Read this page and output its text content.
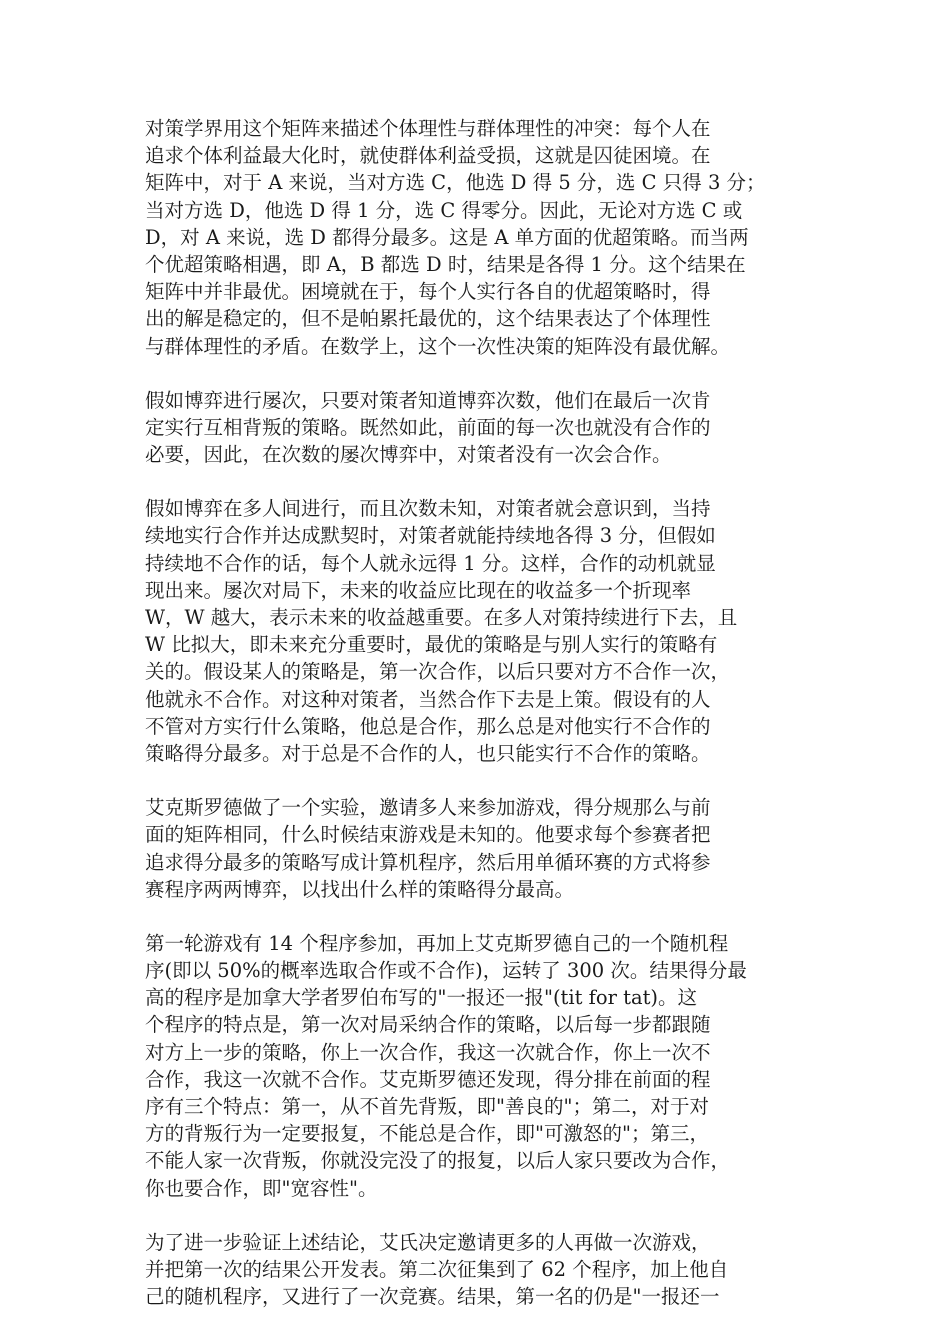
对策学界用这个矩阵来描述个体理性与群体理性的冲突：每个人在
追求个体利益最大化时，就使群体利益受损，这就是囚徒困境。在
矩阵中，对于 A 来说，当对方选 C，他选 D 得 5 分，选 C 只得 3 分；
当对方选 D，他选 D 得 1 分，选 C 得零分。因此，无论对方选 C 或
D，对 A 来说，选 D 都得分最多。这是 A 单方面的优超策略。而当两
个优超策略相遇，即 A，B 都选 D 时，结果是各得 1 分。这个结果在
矩阵中并非最优。困境就在于，每个人实行各自的优超策略时，得
出的解是稳定的，但不是帕累托最优的，这个结果表达了个体理性
与群体理性的矛盾。在数学上，这个一次性决策的矩阵没有最优解。

假如博弈进行屡次，只要对策者知道博弈次数，他们在最后一次肯
定实行互相背叛的策略。既然如此，前面的每一次也就没有合作的
必要，因此，在次数的屡次博弈中，对策者没有一次会合作。

假如博弈在多人间进行，而且次数未知，对策者就会意识到，当持
续地实行合作并达成默契时，对策者就能持续地各得 3 分，但假如
持续地不合作的话，每个人就永远得 1 分。这样，合作的动机就显
现出来。屡次对局下，未来的收益应比现在的收益多一个折现率
W，W 越大，表示未来的收益越重要。在多人对策持续进行下去，且
W 比拟大，即未来充分重要时，最优的策略是与别人实行的策略有
关的。假设某人的策略是，第一次合作，以后只要对方不合作一次，
他就永不合作。对这种对策者，当然合作下去是上策。假设有的人
不管对方实行什么策略，他总是合作，那么总是对他实行不合作的
策略得分最多。对于总是不合作的人，也只能实行不合作的策略。

艾克斯罗德做了一个实验，邀请多人来参加游戏，得分规那么与前
面的矩阵相同，什么时候结束游戏是未知的。他要求每个参赛者把
追求得分最多的策略写成计算机程序，然后用单循环赛的方式将参
赛程序两两博弈，以找出什么样的策略得分最高。

第一轮游戏有 14 个程序参加，再加上艾克斯罗德自己的一个随机程
序(即以 50%的概率选取合作或不合作)，运转了 300 次。结果得分最
高的程序是加拿大学者罗伯布写的"一报还一报"(tit for tat)。这
个程序的特点是，第一次对局采纳合作的策略，以后每一步都跟随
对方上一步的策略，你上一次合作，我这一次就合作，你上一次不
合作，我这一次就不合作。艾克斯罗德还发现，得分排在前面的程
序有三个特点：第一，从不首先背叛，即"善良的"；第二，对于对
方的背叛行为一定要报复，不能总是合作，即"可激怒的"；第三，
不能人家一次背叛，你就没完没了的报复，以后人家只要改为合作，
你也要合作，即"宽容性"。

为了进一步验证上述结论，艾氏决定邀请更多的人再做一次游戏，
并把第一次的结果公开发表。第二次征集到了 62 个程序，加上他自
己的随机程序，又进行了一次竞赛。结果，第一名的仍是"一报还一
